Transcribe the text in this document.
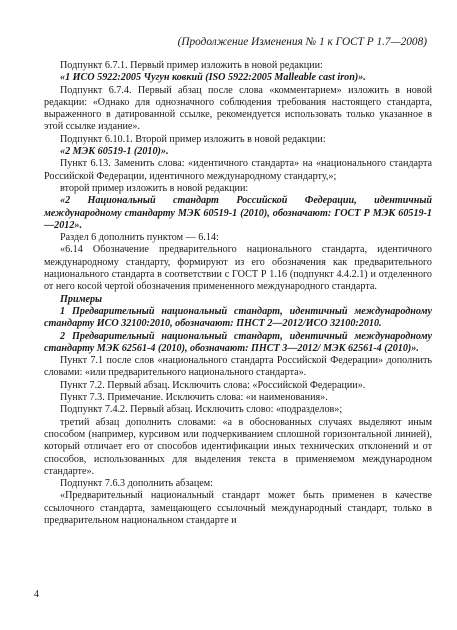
(Продолжение Изменения № 1 к ГОСТ Р 1.7—2008)

Подпункт 6.7.1. Первый пример изложить в новой редакции:

«1 ИСО 5922:2005 Чугун ковкий (ISO 5922:2005 Malleable cast iron)».

Подпункт 6.7.4. Первый абзац после слова «комментарием» изложить в новой редакции: «Однако для однозначного соблюдения требования настоящего стандарта, выраженного в датированной ссылке, рекомендуется использовать только указанное в этой ссылке издание».

Подпункт 6.10.1. Второй пример изложить в новой редакции:

«2 МЭК 60519-1 (2010)».

Пункт 6.13. Заменить слова: «идентичного стандарта» на «национального стандарта Российской Федерации, идентичного международному стандарту,»;

второй пример изложить в новой редакции:

«2 Национальный стандарт Российской Федерации, идентичный международному стандарту МЭК 60519-1 (2010), обозначают: ГОСТ Р МЭК 60519-1—2012».

Раздел 6 дополнить пунктом — 6.14:

«6.14 Обозначение предварительного национального стандарта, идентичного международному стандарту, формируют из его обозначения как предварительного национального стандарта в соответствии с ГОСТ Р 1.16 (подпункт 4.4.2.1) и отделенного от него косой чертой обозначения примененного международного стандарта.

Примеры

1 Предварительный национальный стандарт, идентичный международному стандарту ИСО 32100:2010, обозначают: ПНСТ 2—2012/ИСО 32100:2010.

2 Предварительный национальный стандарт, идентичный международному стандарту МЭК 62561-4 (2010), обозначают: ПНСТ 3—2012/ МЭК 62561-4 (2010)».

Пункт 7.1 после слов «национального стандарта Российской Федерации» дополнить словами: «или предварительного национального стандарта».

Пункт 7.2. Первый абзац. Исключить слова: «Российской Федерации».

Пункт 7.3. Примечание. Исключить слова: «и наименования».

Подпункт 7.4.2. Первый абзац. Исключить слово: «подразделов»;

третий абзац дополнить словами: «а в обоснованных случаях выделяют иным способом (например, курсивом или подчеркиванием сплошной горизонтальной линией), который отличает его от способов идентификации иных технических отклонений и от способов, использованных для выделения текста в применяемом международном стандарте».

Подпункт 7.6.3 дополнить абзацем:

«Предварительный национальный стандарт может быть применен в качестве ссылочного стандарта, замещающего ссылочный международный стандарт, только в предварительном национальном стандарте и

4
